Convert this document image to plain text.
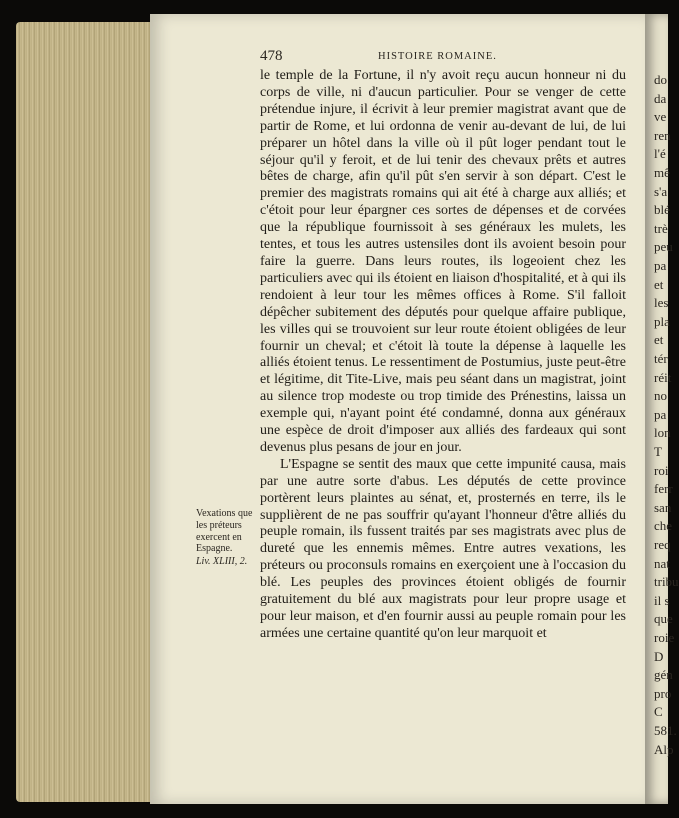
do
da
ve
ren
l'é
mê
s'a
blé
trè
peu
pa
et
les
pla
et
tér
réit
no
pa
lon
T
roi
ferr
san
che
req
nat
tribu
il s
que
roie
D
gén
pro
C
581.
Alp
478	HISTOIRE ROMAINE.

le temple de la Fortune, il n'y avoit reçu aucun honneur ni du corps de ville, ni d'aucun particulier. Pour se venger de cette prétendue injure, il écrivit à leur premier magistrat avant que de partir de Rome, et lui ordonna de venir au-devant de lui, de lui préparer un hôtel dans la ville où il pût loger pendant tout le séjour qu'il y feroit, et de lui tenir des chevaux prêts et autres bêtes de charge, afin qu'il pût s'en servir à son départ. C'est le premier des magistrats romains qui ait été à charge aux alliés; et c'étoit pour leur épargner ces sortes de dépenses et de corvées que la république fournissoit à ses généraux les mulets, les tentes, et tous les autres ustensiles dont ils avoient besoin pour faire la guerre. Dans leurs routes, ils logeoient chez les particuliers avec qui ils étoient en liaison d'hospitalité, et à qui ils rendoient à leur tour les mêmes offices à Rome. S'il falloit dépêcher subitement des députés pour quelque affaire publique, les villes qui se trouvoient sur leur route étoient obligées de leur fournir un cheval; et c'étoit là toute la dépense à laquelle les alliés étoient tenus. Le ressentiment de Postumius, juste peut-être et légitime, dit Tite-Live, mais peu séant dans un magistrat, joint au silence trop modeste ou trop timide des Prénestins, laissa un exemple qui, n'ayant point été condamné, donna aux généraux une espèce de droit d'imposer aux alliés des fardeaux qui sont devenus plus pesans de jour en jour.

L'Espagne se sentit des maux que cette impunité causa, mais par une autre sorte d'abus. Les députés de cette province portèrent leurs plaintes au sénat, et, prosternés en terre, ils le supplièrent de ne pas souffrir qu'ayant l'honneur d'être alliés du peuple romain, ils fussent traités par ses magistrats avec plus de dureté que les ennemis mêmes. Entre autres vexations, les préteurs ou proconsuls romains en exerçoient une à l'occasion du blé. Les peuples des provinces étoient obligés de fournir gratuitement du blé aux magistrats pour leur propre usage et pour leur maison, et d'en fournir aussi au peuple romain pour les armées une certaine quantité qu'on leur marquoit et

Vexations que les préteurs exercent en Espagne.
Liv. XLIII, 2.
